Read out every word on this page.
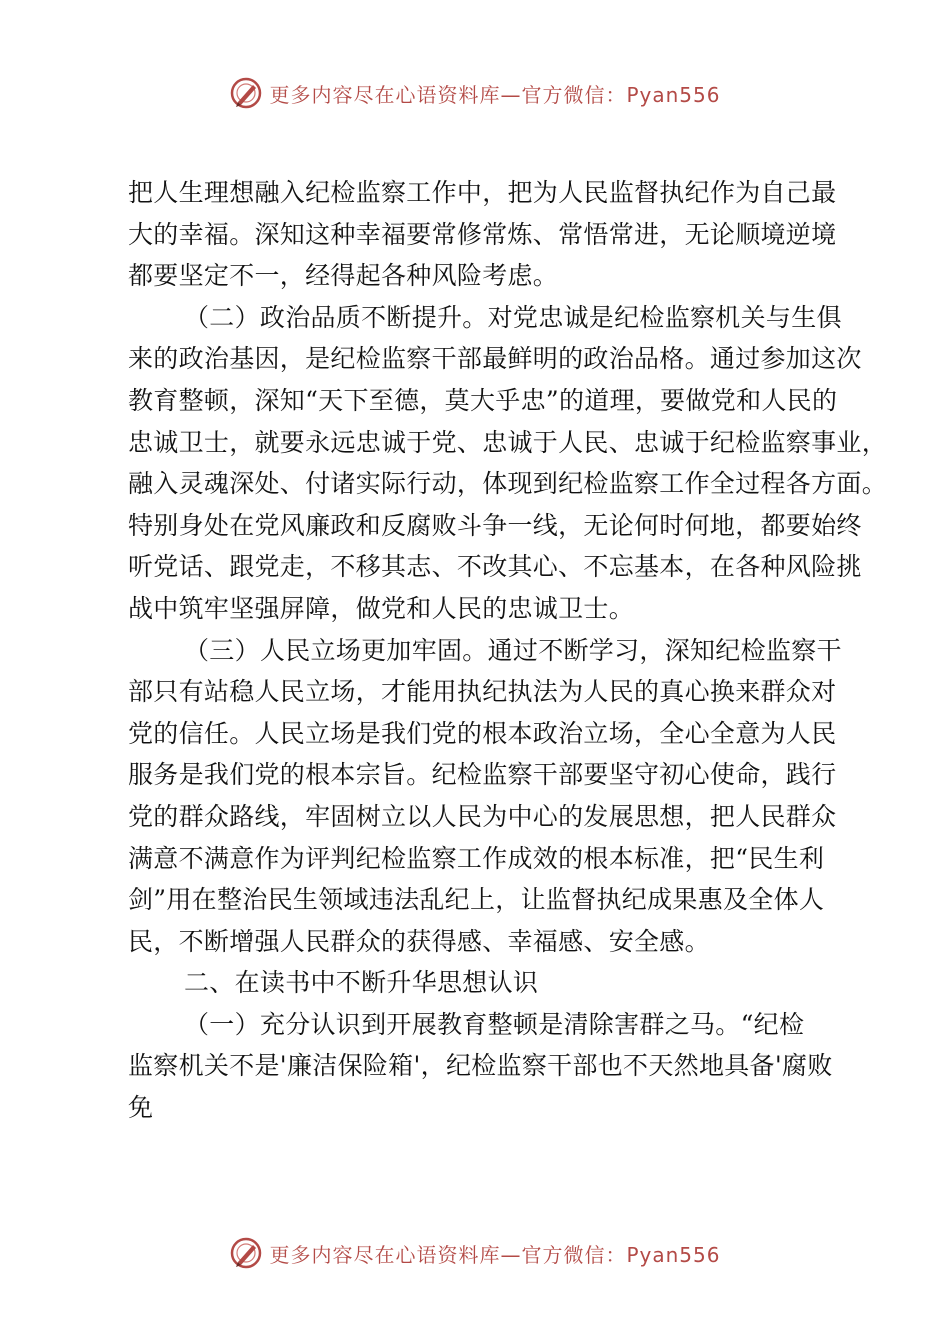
更多内容尽在心语资料库—官方微信：Pyan556
把人生理想融入纪检监察工作中，把为人民监督执纪作为自己最
大的幸福。深知这种幸福要常修常炼、常悟常进，无论顺境逆境
都要坚定不一，经得起各种风险考虑。
（二）政治品质不断提升。对党忠诚是纪检监察机关与生俱
来的政治基因，是纪检监察干部最鲜明的政治品格。通过参加这次
教育整顿，深知“天下至德，莫大乎忠”的道理，要做党和人民的
忠诚卫士，就要永远忠诚于党、忠诚于人民、忠诚于纪检监察事业，
融入灵魂深处、付诸实际行动，体现到纪检监察工作全过程各方面。
特别身处在党风廉政和反腐败斗争一线，无论何时何地，都要始终
听党话、跟党走，不移其志、不改其心、不忘基本，在各种风险挑
战中筑牢坚强屏障，做党和人民的忠诚卫士。
（三）人民立场更加牢固。通过不断学习，深知纪检监察干
部只有站稳人民立场，才能用执纪执法为人民的真心换来群众对
党的信任。人民立场是我们党的根本政治立场，全心全意为人民
服务是我们党的根本宗旨。纪检监察干部要坚守初心使命，践行
党的群众路线，牢固树立以人民为中心的发展思想，把人民群众
满意不满意作为评判纪检监察工作成效的根本标准，把“民生利
剑”用在整治民生领域违法乱纪上，让监督执纪成果惠及全体人
民，不断增强人民群众的获得感、幸福感、安全感。
二、在读书中不断升华思想认识
（一）充分认识到开展教育整顿是清除害群之马。“纪检
监察机关不是'廉洁保险箱'，纪检监察干部也不天然地具备'腐败
免
更多内容尽在心语资料库—官方微信：Pyan556
